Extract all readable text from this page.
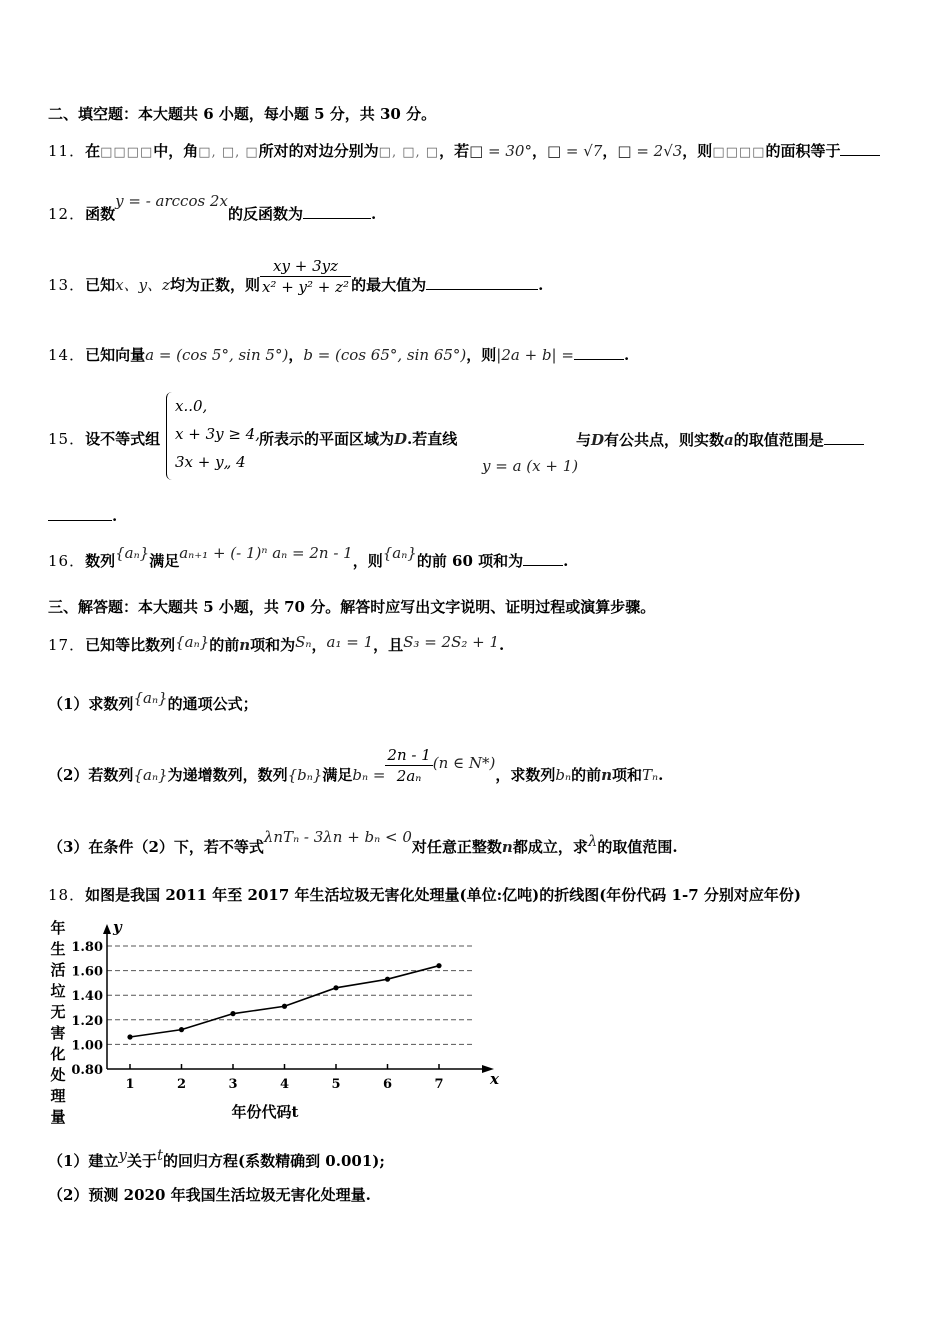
二、填空题：本大题共 6 小题，每小题 5 分，共 30 分。
11．在□□□□中，角□, □, □所对的对边分别为□, □, □，若□ = 30°，□ = √7，□ = 2√3，则□□□□的面积等于
12．函数y = - arccos 2x的反函数为	.
13．已知x、y、z均为正数，则 $\frac{xy + 3yz}{\text{x² + y² + z²}}$ 的最大值为	.
14．已知向量a = (cos 5°, sin 5°)，b = (cos 65°, sin 65°)，则|2a + b| =	.
15．设不等式组
x..0,
x + 3y ≥ 4,
3x + y„ 4
所表示的平面区域为D.若直线
y = a (x + 1)
与D有公共点，则实数a的取值范围是
.
16．数列{aₙ}满足aₙ₊₁ + (- 1)ⁿ aₙ = 2n - 1，则{aₙ}的前 60 项和为	.
三、解答题：本大题共 5 小题，共 70 分。解答时应写出文字说明、证明过程或演算步骤。
17．已知等比数列{aₙ}的前n项和为Sₙ，a₁ = 1，且S₃ = 2S₂ + 1.
（1）求数列{aₙ}的通项公式；
（2）若数列{aₙ}为递增数列，数列{bₙ}满足$b_n = \frac{2n - 1}{\text{2aₙ}} (n$ ∈ N*)，求数列bₙ的前n项和Tₙ.
（3）在条件（2）下，若不等式λnTₙ - 3λn + bₙ < 0对任意正整数n都成立，求λ的取值范围.
18．如图是我国 2011 年至 2017 年生活垃圾无害化处理量(单位:亿吨)的折线图(年份代码 1-7 分别对应年份)
年
生
活
垃
无
害
化
处
理
量
0.80
1.00
1.20
1.40
1.60
1.80
y
x
1	2	3	4	5	6	7
年份代码t
（1）建立y关于t的回归方程(系数精确到 0.001);
（2）预测 2020 年我国生活垃圾无害化处理量.
